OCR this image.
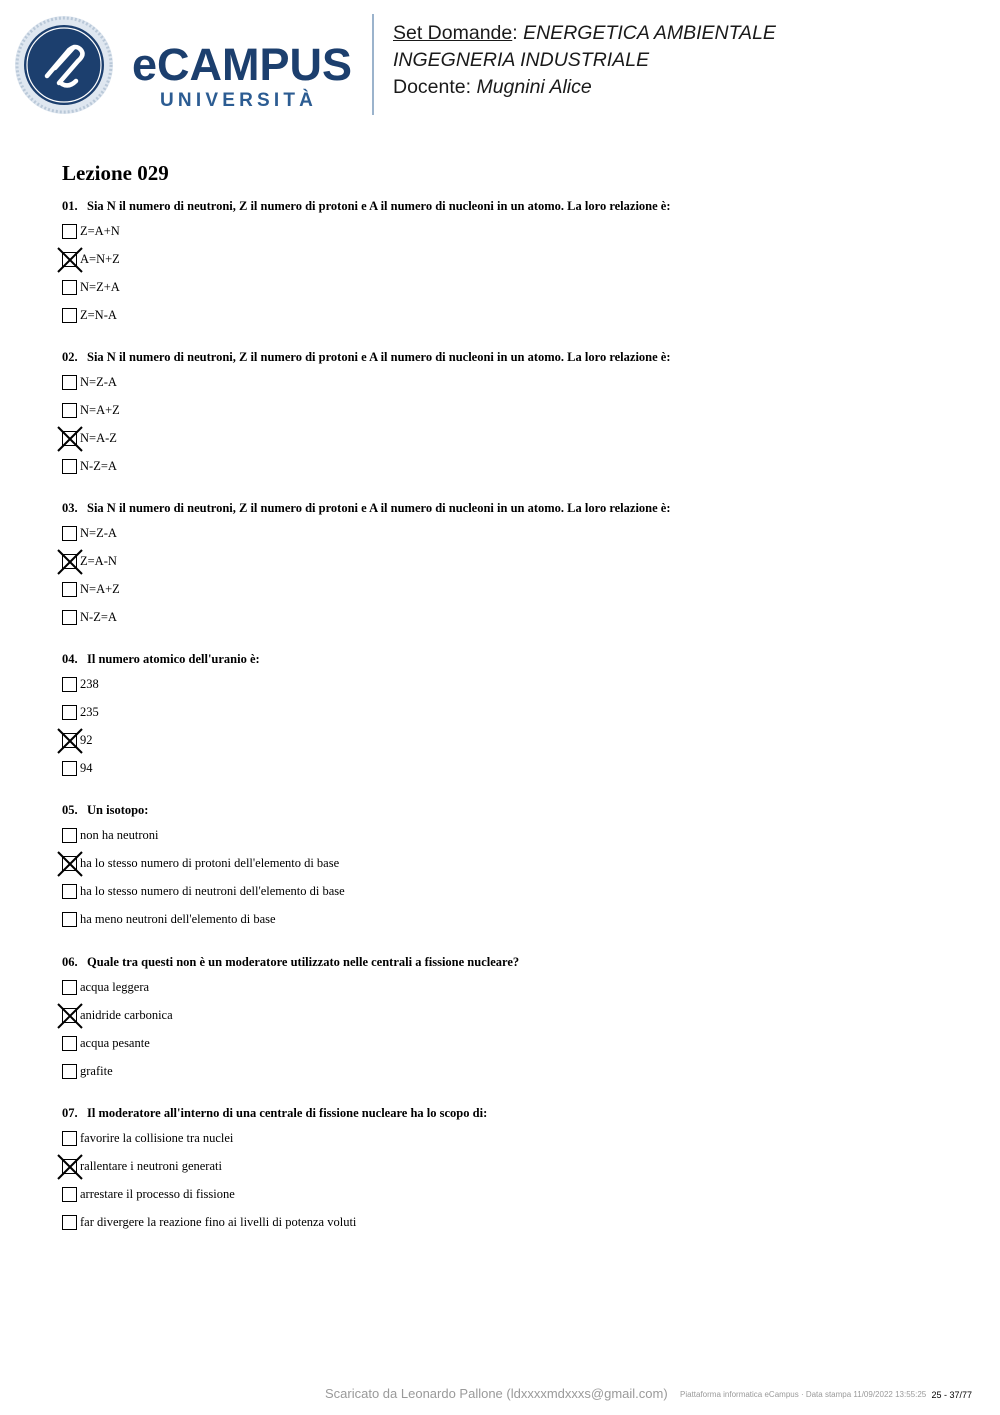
eCAMPUS
UNIVERSITÀ
Set Domande: ENERGETICA AMBIENTALE
INGEGNERIA INDUSTRIALE
Docente: Mugnini Alice
Lezione 029
01. Sia N il numero di neutroni, Z il numero di protoni e A il numero di nucleoni in un atomo. La loro relazione è:
Z=A+N
A=N+Z
N=Z+A
Z=N-A
02. Sia N il numero di neutroni, Z il numero di protoni e A il numero di nucleoni in un atomo. La loro relazione è:
N=Z-A
N=A+Z
N=A-Z
N-Z=A
03. Sia N il numero di neutroni, Z il numero di protoni e A il numero di nucleoni in un atomo. La loro relazione è:
N=Z-A
Z=A-N
N=A+Z
N-Z=A
04. Il numero atomico dell'uranio è:
238
235
92
94
05. Un isotopo:
non ha neutroni
ha lo stesso numero di protoni dell'elemento di base
ha lo stesso numero di neutroni dell'elemento di base
ha meno neutroni dell'elemento di base
06. Quale tra questi non è un moderatore utilizzato nelle centrali a fissione nucleare?
acqua leggera
anidride carbonica
acqua pesante
grafite
07. Il moderatore all'interno di una centrale di fissione nucleare ha lo scopo di:
favorire la collisione tra nuclei
rallentare i neutroni generati
arrestare il processo di fissione
far divergere la reazione fino ai livelli di potenza voluti
Scaricato da Leonardo Pallone (ldxxxxmdxxxs@gmail.com) Piattaforma informatica eCampus · Data stampa 11/09/2022 13:55:25 25 - 37/77
